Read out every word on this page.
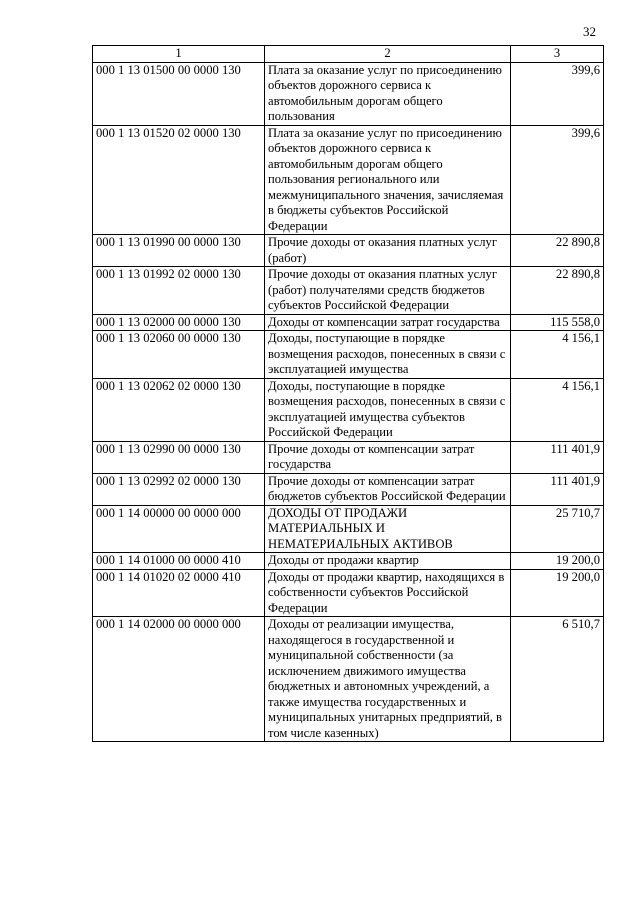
32
1	2	3
000 1 13 01500 00 0000 130	Плата за оказание услуг по присоединению объектов дорожного сервиса к автомобильным дорогам общего пользования	399,6
000 1 13 01520 02 0000 130	Плата за оказание услуг по присоединению объектов дорожного сервиса к автомобильным дорогам общего пользования регионального или межмуниципального значения, зачисляемая в бюджеты субъектов Российской Федерации	399,6
000 1 13 01990 00 0000 130	Прочие доходы от оказания платных услуг (работ)	22 890,8
000 1 13 01992 02 0000 130	Прочие доходы от оказания платных услуг (работ) получателями средств бюджетов субъектов Российской Федерации	22 890,8
000 1 13 02000 00 0000 130	Доходы от компенсации затрат государства	115 558,0
000 1 13 02060 00 0000 130	Доходы, поступающие в порядке возмещения расходов, понесенных в связи с эксплуатацией имущества	4 156,1
000 1 13 02062 02 0000 130	Доходы, поступающие в порядке возмещения расходов, понесенных в связи с эксплуатацией имущества субъектов Российской Федерации	4 156,1
000 1 13 02990 00 0000 130	Прочие доходы от компенсации затрат государства	111 401,9
000 1 13 02992 02 0000 130	Прочие доходы от компенсации затрат бюджетов субъектов Российской Федерации	111 401,9
000 1 14 00000 00 0000 000	ДОХОДЫ ОТ ПРОДАЖИ МАТЕРИАЛЬНЫХ И НЕМАТЕРИАЛЬНЫХ АКТИВОВ	25 710,7
000 1 14 01000 00 0000 410	Доходы от продажи квартир	19 200,0
000 1 14 01020 02 0000 410	Доходы от продажи квартир, находящихся в собственности субъектов Российской Федерации	19 200,0
000 1 14 02000 00 0000 000	Доходы от реализации имущества, находящегося в государственной и муниципальной собственности (за исключением движимого имущества бюджетных и автономных учреждений, а также имущества государственных и муниципальных унитарных предприятий, в том числе казенных)	6 510,7
